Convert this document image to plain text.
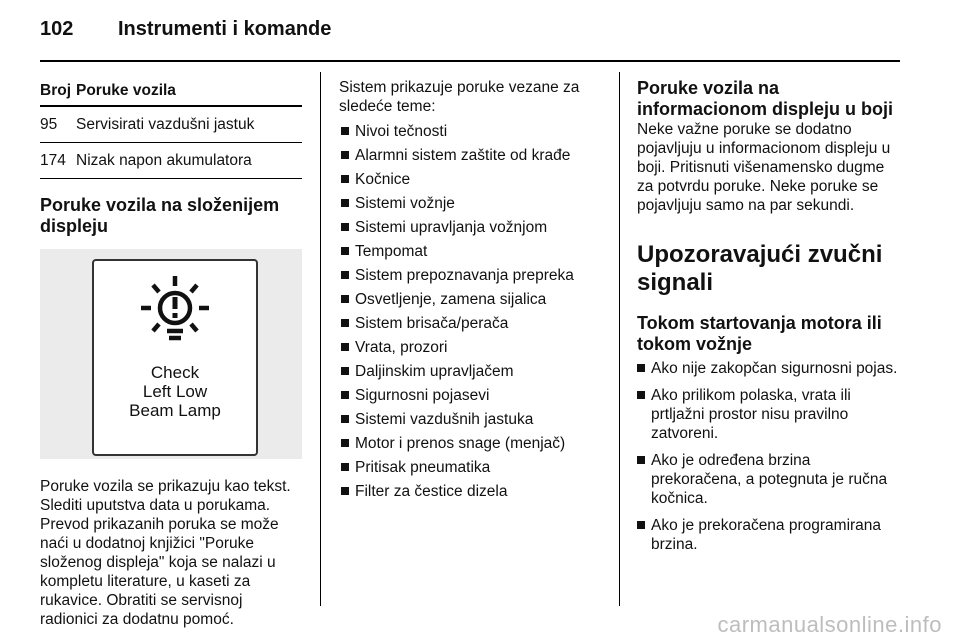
102 Instrumenti i komande
Broj	Poruke vozila
95	Servisirati vazdušni jastuk
174	Nizak napon akumulatora
Poruke vozila na složenijem displeju
Check
Left Low
Beam Lamp

Poruke vozila se prikazuju kao tekst. Slediti uputstva data u porukama. Prevod prikazanih poruka se može naći u dodatnoj knjižici "Poruke složenog displeja" koja se nalazi u kompletu literature, u kaseti za rukavice. Obratiti se servisnoj radionici za dodatnu pomoć.

Sistem prikazuje poruke vezane za sledeće teme:

Nivoi tečnosti
Alarmni sistem zaštite od krađe
Kočnice
Sistemi vožnje
Sistemi upravljanja vožnjom
Tempomat
Sistem prepoznavanja prepreka
Osvetljenje, zamena sijalica
Sistem brisača/perača
Vrata, prozori
Daljinskim upravljačem
Sigurnosni pojasevi
Sistemi vazdušnih jastuka
Motor i prenos snage (menjač)
Pritisak pneumatika
Filter za čestice dizela
Poruke vozila na informacionom displeju u boji

Neke važne poruke se dodatno pojavljuju u informacionom displeju u boji. Pritisnuti višenamensko dugme za potvrdu poruke. Neke poruke se pojavljuju samo na par sekundi.

Upozoravajući zvučni signali
Tokom startovanja motora ili tokom vožnje
Ako nije zakopčan sigurnosni pojas.
Ako prilikom polaska, vrata ili prtljažni prostor nisu pravilno zatvoreni.
Ako je određena brzina prekoračena, a potegnuta je ručna kočnica.
Ako je prekoračena programirana brzina.
carmanualsonline.info
